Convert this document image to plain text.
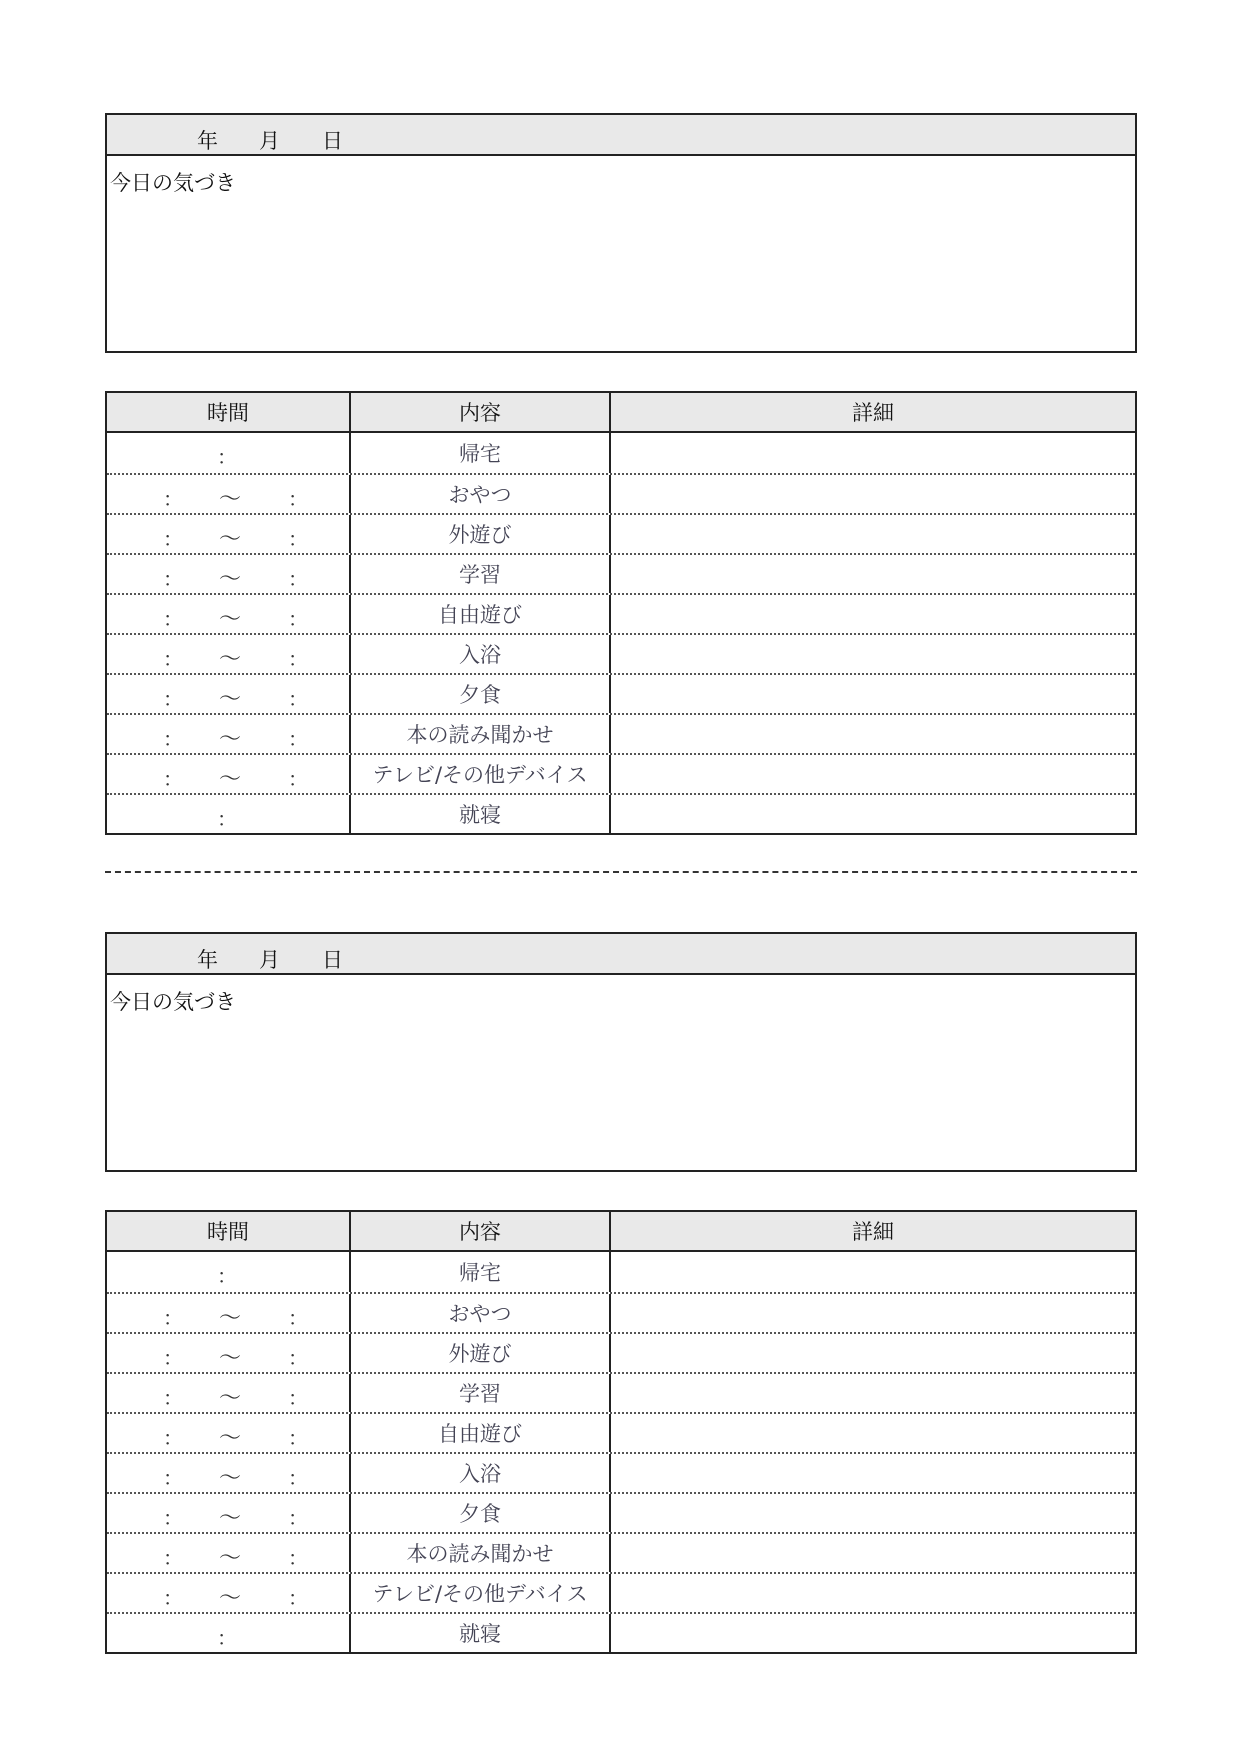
年 月 日
今日の気づき
時間	内容	詳細
：	帰宅
： ～ ：	おやつ
： ～ ：	外遊び
： ～ ：	学習
： ～ ：	自由遊び
： ～ ：	入浴
： ～ ：	夕食
： ～ ：	本の読み聞かせ
： ～ ：	テレビ/その他デバイス
：	就寝
年 月 日
今日の気づき
時間	内容	詳細
：	帰宅
： ～ ：	おやつ
： ～ ：	外遊び
： ～ ：	学習
： ～ ：	自由遊び
： ～ ：	入浴
： ～ ：	夕食
： ～ ：	本の読み聞かせ
： ～ ：	テレビ/その他デバイス
：	就寝
